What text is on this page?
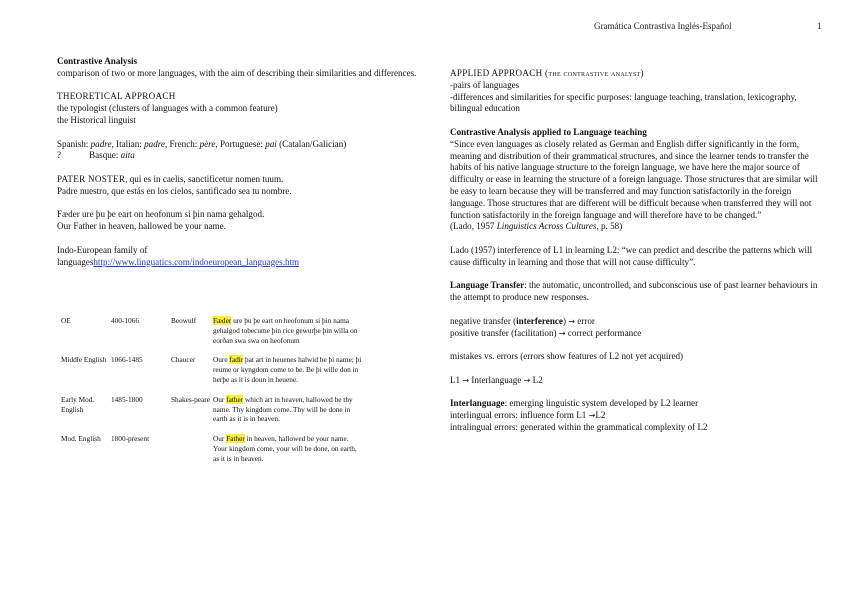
Gramática Contrastiva Inglés-Español	1

Contrastive Analysis

comparison of two or more languages, with the aim of describing their similarities and differences.

THEORETICAL APPROACH

the typologist (clusters of languages with a common feature)

the Historical linguist

Spanish: padre, Italian: padre, French: père, Portuguese: pai (Catalan/Galician)

?	Basque: aita

PATER NOSTER, qui es in caelis, sanctificetur nomen tuum.

Padre nuestro, que estás en los cielos, santificado sea tu nombre.

Fæder ure þu þe eart on heofonum si þin nama gehalgod.

Our Father in heaven, hallowed be your name.

Indo-European family of

languageshttp://www.linguatics.com/indoeuropean_languages.htm

OE	400-1066	Beowulf	Fæder ure þu þe eart on heofonum si þin nama gehalgod tobecume þin rice gewurþe þin willa on eorðan swa swa on heofonum
Middle English	1066-1485	Chaucer	Oure fadir þat art in heuenes halwid be þi name; þi reume or kyngdom come to be. Be þi wille don in herþe as it is doun in heuene.
Early Mod. English	1485-1800	Shakes-peare	Our father which art in heaven, hallowed be thy name. Thy kingdom come. Thy will be done in earth as it is in heaven.
Mod. English	1800-present		Our Father in heaven, hallowed be your name. Your kingdom come, your will be done, on earth, as it is in heaven.

APPLIED APPROACH (the contrastive analyst)

-pairs of languages

-differences and similarities for specific purposes: language teaching, translation, lexicography, bilingual education

Contrastive Analysis applied to Language teaching

“Since even languages as closely related as German and English differ significantly in the form, meaning and distribution of their grammatical structures, and since the learner tends to transfer the habits of his native language structure to the foreign language, we have here the major source of difficulty or ease in learning the structure of a foreign language. Those structures that are similar will be easy to learn because they will be transferred and may function satisfactorily in the foreign language. Those structures that are different will be difficult because when transferred they will not function satisfactorily in the foreign language and will therefore have to be changed.”

(Lado, 1957 Linguistics Across Cultures, p. 58)

Lado (1957) interference of L1 in learning L2: “we can predict and describe the patterns which will cause difficulty in learning and those that will not cause difficulty”.

Language Transfer: the automatic, uncontrolled, and subconscious use of past learner behaviours in the attempt to produce new responses.

negative transfer (interference) → error

positive transfer (facilitation) → correct performance

mistakes vs. errors (errors show features of L2 not yet acquired)

L1 → Interlanguage → L2

Interlanguage: emerging linguistic system developed by L2 learner

interlingual errors: influence form L1 →L2

intralingual errors: generated within the grammatical complexity of L2
